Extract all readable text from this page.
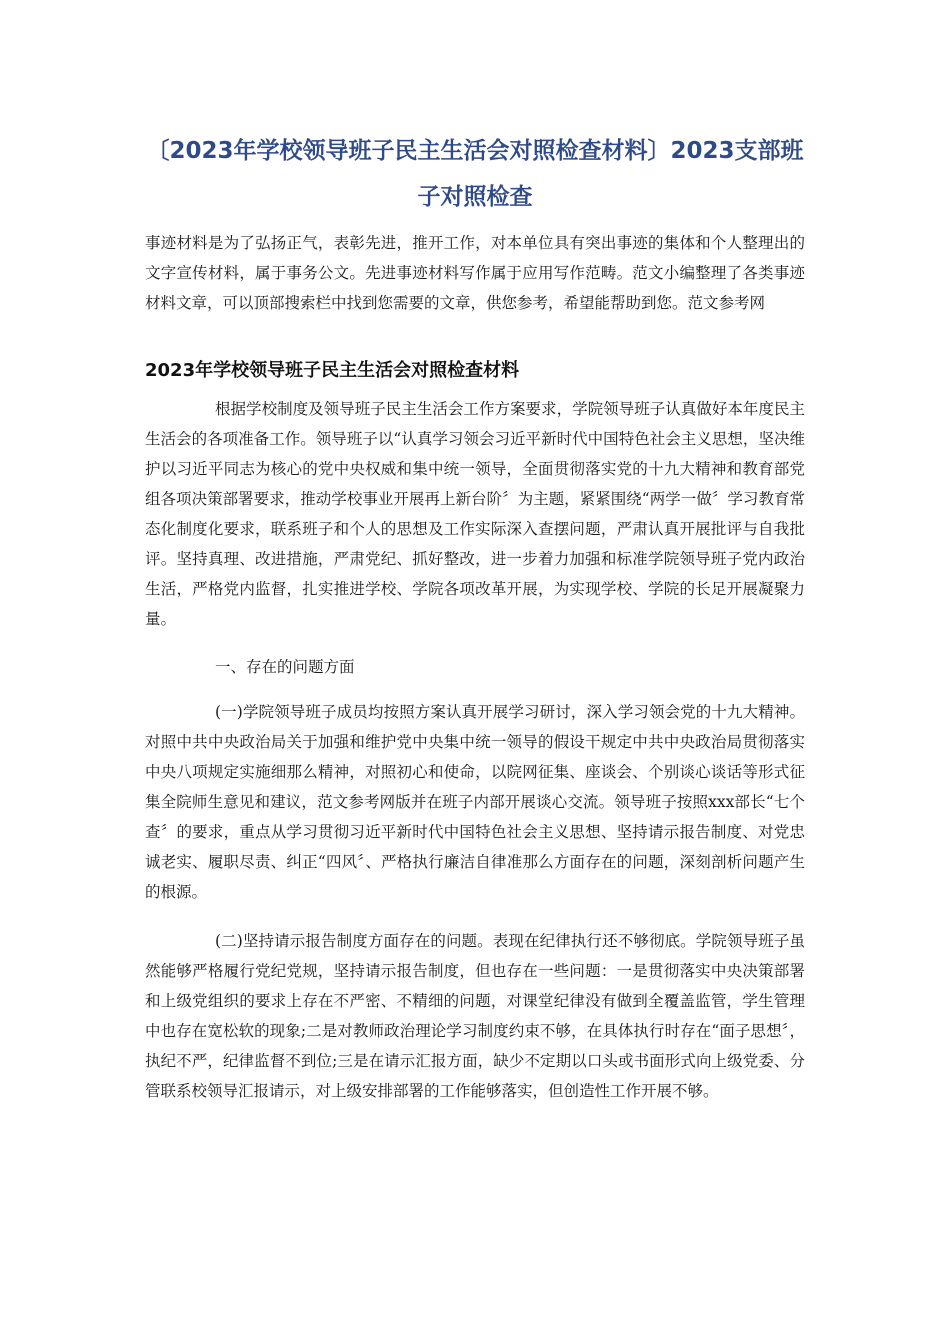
〔2023年学校领导班子民主生活会对照检查材料〕2023支部班子对照检查

事迹材料是为了弘扬正气，表彰先进，推开工作，对本单位具有突出事迹的集体和个人整理出的文字宣传材料，属于事务公文。先进事迹材料写作属于应用写作范畴。范文小编整理了各类事迹材料文章，可以顶部搜索栏中找到您需要的文章，供您参考，希望能帮助到您。范文参考网

2023年学校领导班子民主生活会对照检查材料

根据学校制度及领导班子民主生活会工作方案要求，学院领导班子认真做好本年度民主生活会的各项准备工作。领导班子以“认真学习领会习近平新时代中国特色社会主义思想，坚决维护以习近平同志为核心的党中央权威和集中统一领导，全面贯彻落实党的十九大精神和教育部党组各项决策部署要求，推动学校事业开展再上新台阶〞为主题，紧紧围绕“两学一做〞学习教育常态化制度化要求，联系班子和个人的思想及工作实际深入查摆问题，严肃认真开展批评与自我批评。坚持真理、改进措施，严肃党纪、抓好整改，进一步着力加强和标准学院领导班子党内政治生活，严格党内监督，扎实推进学校、学院各项改革开展，为实现学校、学院的长足开展凝聚力量。

一、存在的问题方面

(一)学院领导班子成员均按照方案认真开展学习研讨，深入学习领会党的十九大精神。对照中共中央政治局关于加强和维护党中央集中统一领导的假设干规定中共中央政治局贯彻落实中央八项规定实施细那么精神，对照初心和使命，以院网征集、座谈会、个别谈心谈话等形式征集全院师生意见和建议，范文参考网版并在班子内部开展谈心交流。领导班子按照xxx部长“七个查〞的要求，重点从学习贯彻习近平新时代中国特色社会主义思想、坚持请示报告制度、对党忠诚老实、履职尽责、纠正“四风〞、严格执行廉洁自律准那么方面存在的问题，深刻剖析问题产生的根源。

(二)坚持请示报告制度方面存在的问题。表现在纪律执行还不够彻底。学院领导班子虽然能够严格履行党纪党规，坚持请示报告制度，但也存在一些问题：一是贯彻落实中央决策部署和上级党组织的要求上存在不严密、不精细的问题，对课堂纪律没有做到全覆盖监管，学生管理中也存在宽松软的现象;二是对教师政治理论学习制度约束不够，在具体执行时存在“面子思想〞，执纪不严，纪律监督不到位;三是在请示汇报方面，缺少不定期以口头或书面形式向上级党委、分管联系校领导汇报请示，对上级安排部署的工作能够落实，但创造性工作开展不够。
